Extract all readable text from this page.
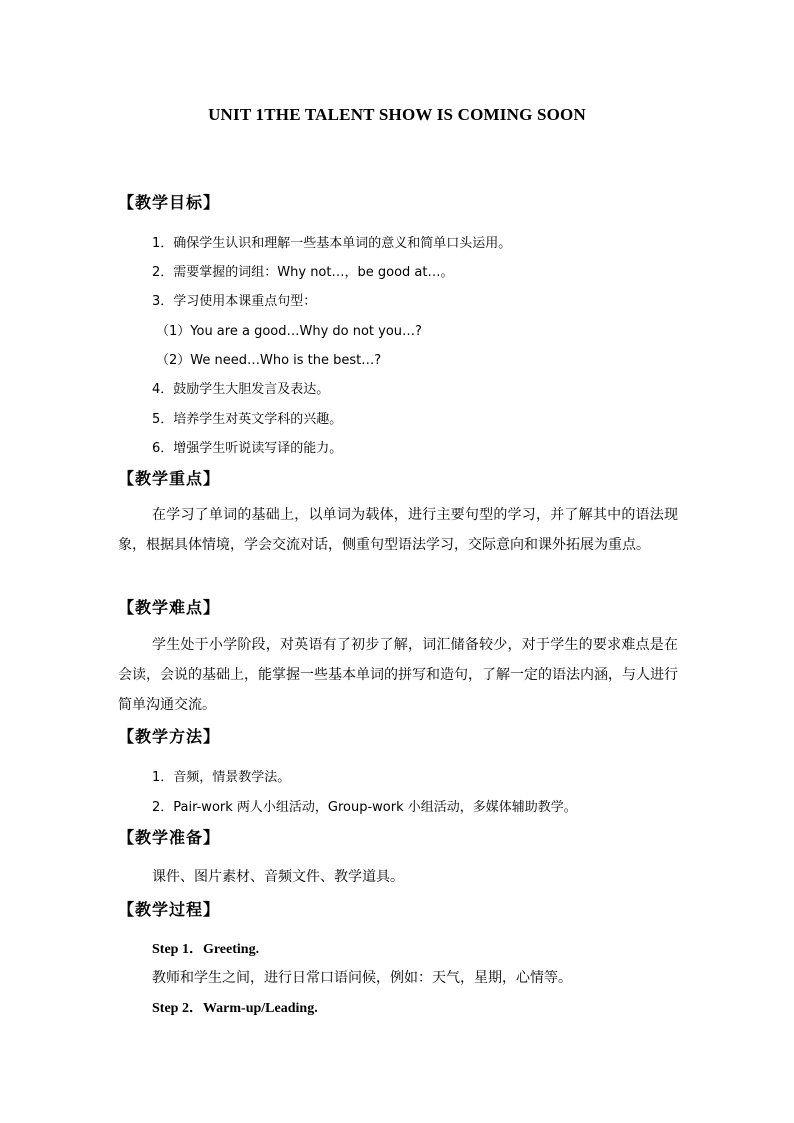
UNIT 1THE TALENT SHOW IS COMING SOON
【教学目标】
1．确保学生认识和理解一些基本单词的意义和简单口头运用。
2．需要掌握的词组：Why not…，be good at…。
3．学习使用本课重点句型：
（1）You are a good…Why do not you…?
（2）We need…Who is the best…?
4．鼓励学生大胆发言及表达。
5．培养学生对英文学科的兴趣。
6．增强学生听说读写译的能力。
【教学重点】
在学习了单词的基础上，以单词为载体，进行主要句型的学习，并了解其中的语法现象，根据具体情境，学会交流对话，侧重句型语法学习，交际意向和课外拓展为重点。
【教学难点】
学生处于小学阶段，对英语有了初步了解，词汇储备较少，对于学生的要求难点是在会读，会说的基础上，能掌握一些基本单词的拼写和造句，了解一定的语法内涵，与人进行简单沟通交流。
【教学方法】
1．音频，情景教学法。
2．Pair-work 两人小组活动，Group-work 小组活动，多媒体辅助教学。
【教学准备】
课件、图片素材、音频文件、教学道具。
【教学过程】
Step 1．Greeting.
教师和学生之间，进行日常口语问候，例如：天气，星期，心情等。
Step 2．Warm-up/Leading.
